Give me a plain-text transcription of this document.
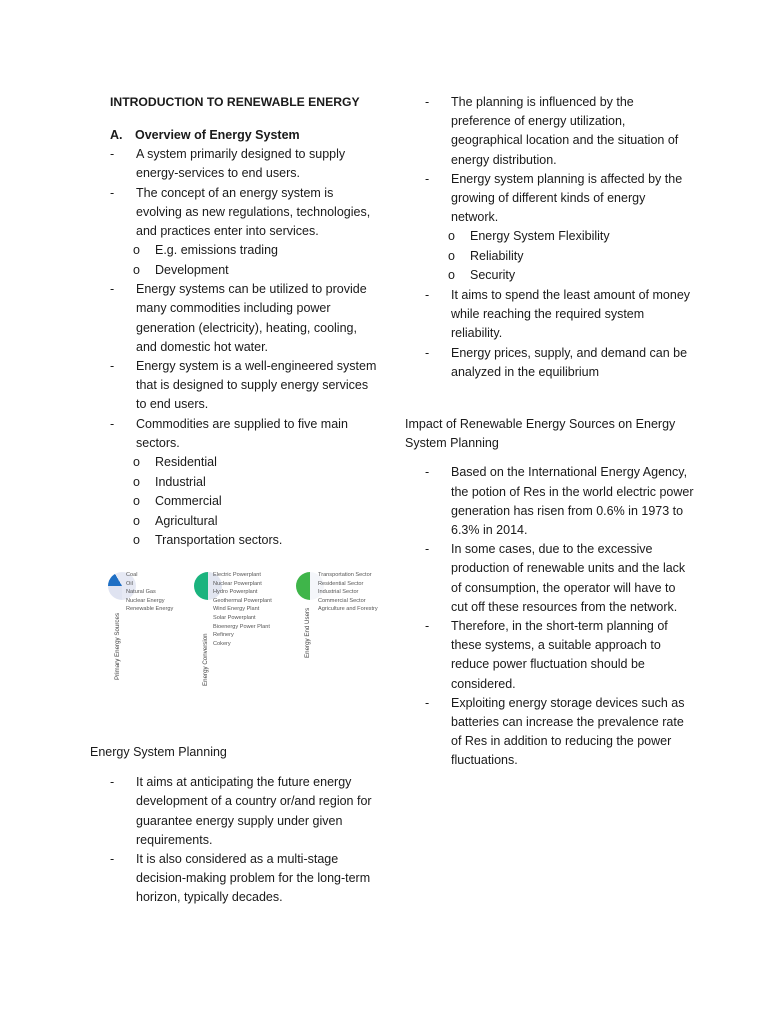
INTRODUCTION TO RENEWABLE ENERGY
A.	Overview of Energy System
- A system primarily designed to supply energy-services to end users.
- The concept of an energy system is evolving as new regulations, technologies, and practices enter into services.
o E.g. emissions trading
o Development
- Energy systems can be utilized to provide many commodities including power generation (electricity), heating, cooling, and domestic hot water.
- Energy system is a well-engineered system that is designed to supply energy services to end users.
- Commodities are supplied to five main sectors.
o Residential
o Industrial
o Commercial
o Agricultural
o Transportation sectors.
Primary Energy Sources
Coal
Oil
Natural Gas
Nuclear Energy
Renewable Energy
Energy Conversion
Electric Powerplant
Nuclear Powerplant
Hydro Powerplant
Geothermal Powerplant
Wind Energy Plant
Solar Powerplant
Bioenergy Power Plant
Refinery
Cokery	Energy End Users
Transportation Sector
Residential Sector
Industrial Sector
Commercial Sector
Agriculture and Forestry
Energy System Planning
- It aims at anticipating the future energy development of a country or/and region for guarantee energy supply under given requirements.
- It is also considered as a multi-stage decision-making problem for the long-term horizon, typically decades.
- The planning is influenced by the preference of energy utilization, geographical location and the situation of energy distribution.
- Energy system planning is affected by the growing of different kinds of energy network.
o Energy System Flexibility
o Reliability
o Security
- It aims to spend the least amount of money while reaching the required system reliability.
- Energy prices, supply, and demand can be analyzed in the equilibrium
Impact of Renewable Energy Sources on Energy System Planning
- Based on the International Energy Agency, the potion of Res in the world electric power generation has risen from 0.6% in 1973 to 6.3% in 2014.
- In some cases, due to the excessive production of renewable units and the lack of consumption, the operator will have to cut off these resources from the network.
- Therefore, in the short-term planning of these systems, a suitable approach to reduce power fluctuation should be considered.
- Exploiting energy storage devices such as batteries can increase the prevalence rate of Res in addition to reducing the power fluctuations.
